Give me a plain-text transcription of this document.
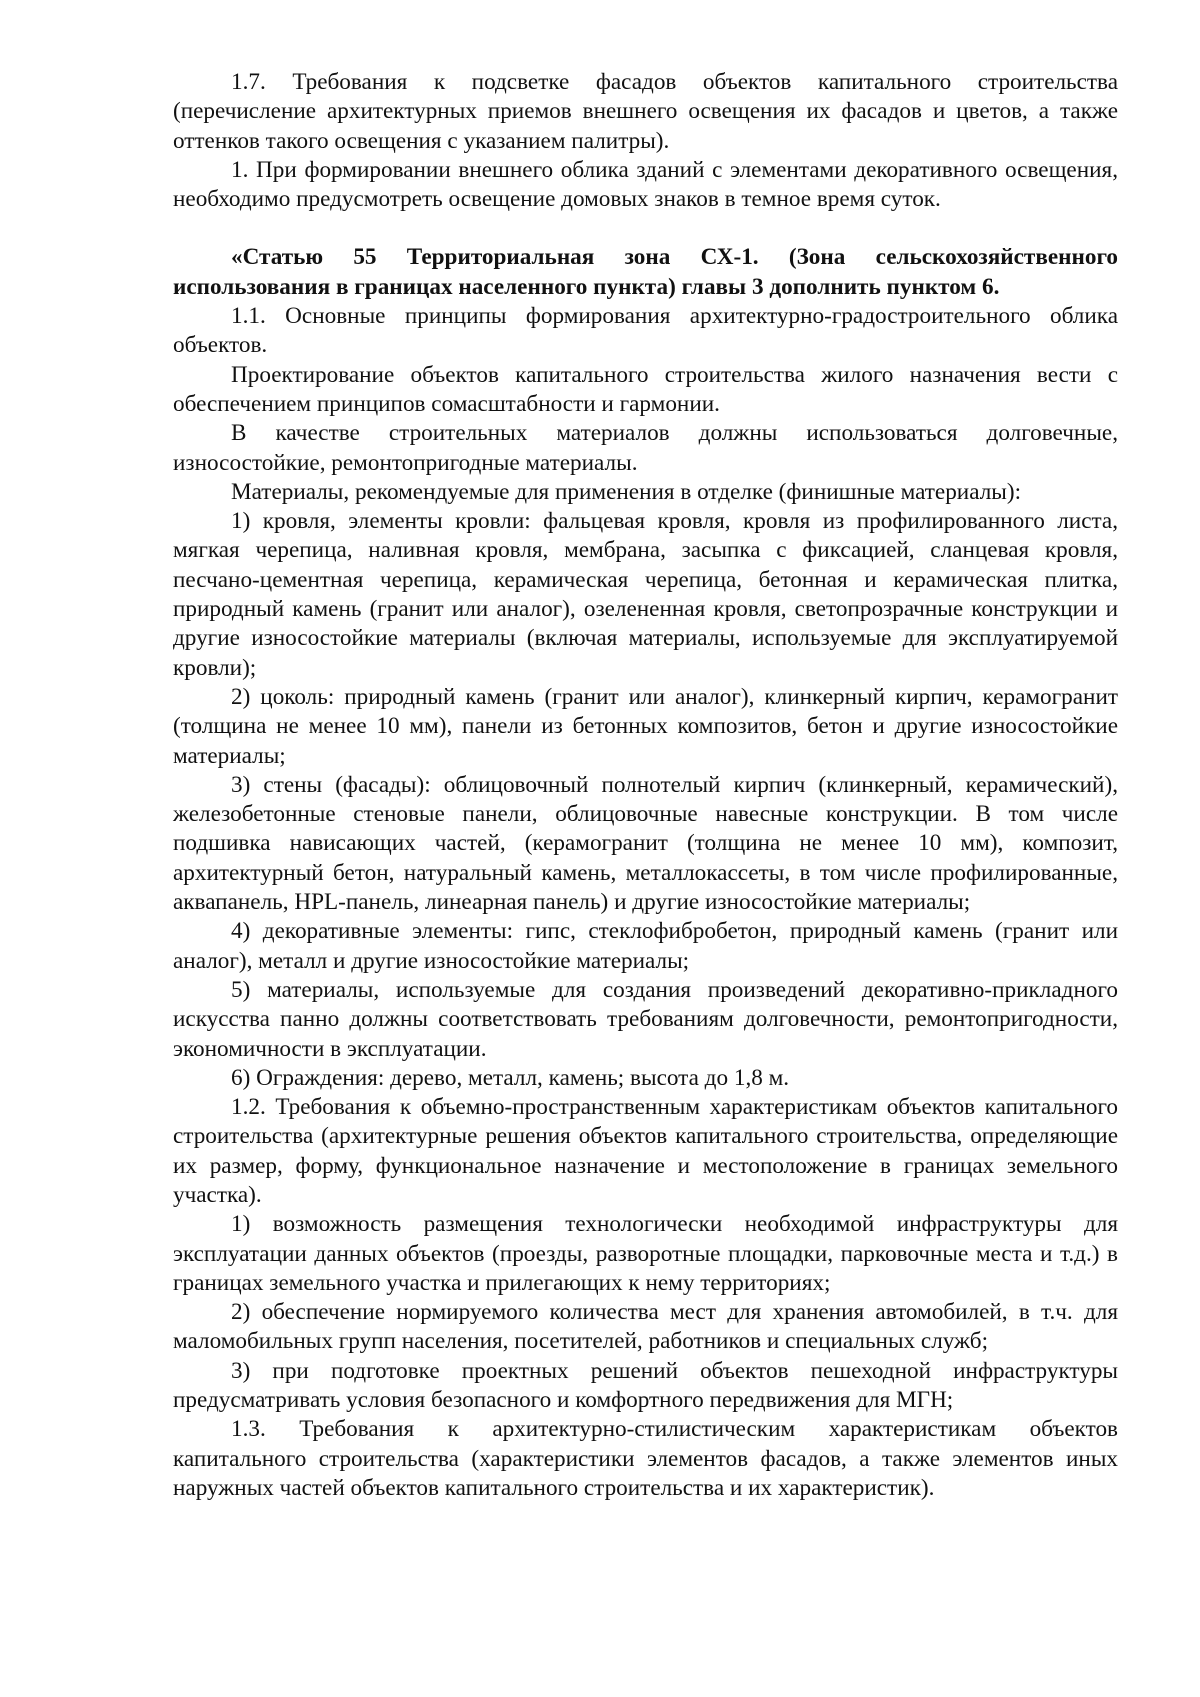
1.7. Требования к подсветке фасадов объектов капитального строительства (перечисление архитектурных приемов внешнего освещения их фасадов и цветов, а также оттенков такого освещения с указанием палитры).

1. При формировании внешнего облика зданий с элементами декоративного освещения, необходимо предусмотреть освещение домовых знаков в темное время суток.

«Статью 55 Территориальная зона СХ-1. (Зона сельскохозяйственного использования в границах населенного пункта) главы 3 дополнить пунктом 6.

1.1. Основные принципы формирования архитектурно-градостроительного облика объектов.

Проектирование объектов капитального строительства жилого назначения вести с обеспечением принципов сомасштабности и гармонии.

В качестве строительных материалов должны использоваться долговечные, износостойкие, ремонтопригодные материалы.

Материалы, рекомендуемые для применения в отделке (финишные материалы):

1) кровля, элементы кровли: фальцевая кровля, кровля из профилированного листа, мягкая черепица, наливная кровля, мембрана, засыпка с фиксацией, сланцевая кровля, песчано-цементная черепица, керамическая черепица, бетонная и керамическая плитка, природный камень (гранит или аналог), озелененная кровля, светопрозрачные конструкции и другие износостойкие материалы (включая материалы, используемые для эксплуатируемой кровли);

2) цоколь: природный камень (гранит или аналог), клинкерный кирпич, керамогранит (толщина не менее 10 мм), панели из бетонных композитов, бетон и другие износостойкие материалы;

3) стены (фасады): облицовочный полнотелый кирпич (клинкерный, керамический), железобетонные стеновые панели, облицовочные навесные конструкции. В том числе подшивка нависающих частей, (керамогранит (толщина не менее 10 мм), композит, архитектурный бетон, натуральный камень, металлокассеты, в том числе профилированные, аквапанель, HPL-панель, линеарная панель) и другие износостойкие материалы;

4) декоративные элементы: гипс, стеклофибробетон, природный камень (гранит или аналог), металл и другие износостойкие материалы;

5) материалы, используемые для создания произведений декоративно-прикладного искусства панно должны соответствовать требованиям долговечности, ремонтопригодности, экономичности в эксплуатации.

6) Ограждения: дерево, металл, камень; высота до 1,8 м.

1.2. Требования к объемно-пространственным характеристикам объектов капитального строительства (архитектурные решения объектов капитального строительства, определяющие их размер, форму, функциональное назначение и местоположение в границах земельного участка).

1) возможность размещения технологически необходимой инфраструктуры для эксплуатации данных объектов (проезды, разворотные площадки, парковочные места и т.д.) в границах земельного участка и прилегающих к нему территориях;

2) обеспечение нормируемого количества мест для хранения автомобилей, в т.ч. для маломобильных групп населения, посетителей, работников и специальных служб;

3) при подготовке проектных решений объектов пешеходной инфраструктуры предусматривать условия безопасного и комфортного передвижения для МГН;

1.3. Требования к архитектурно-стилистическим характеристикам объектов капитального строительства (характеристики элементов фасадов, а также элементов иных наружных частей объектов капитального строительства и их характеристик).
